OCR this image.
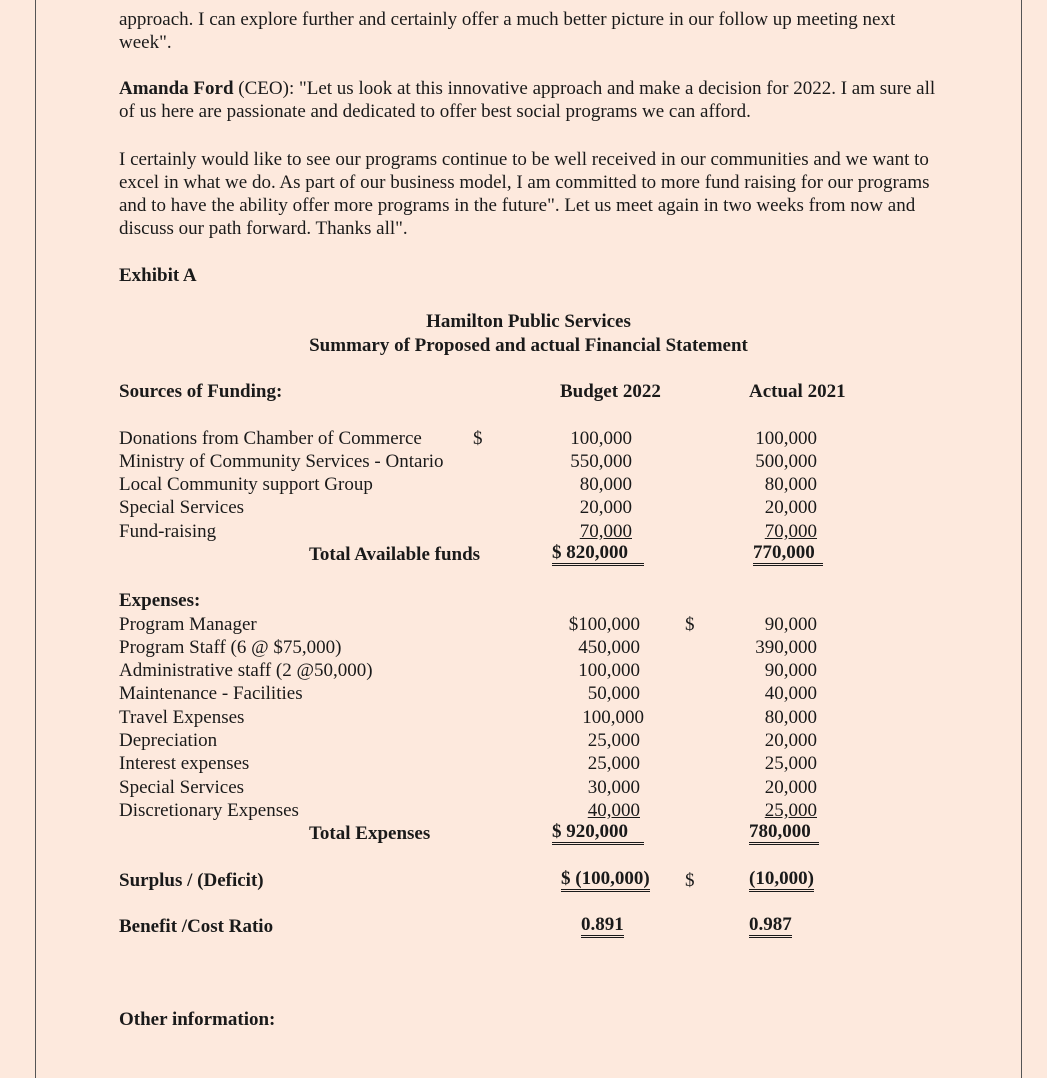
approach. I can explore further and certainly offer a much better picture in our follow up meeting next week".
Amanda Ford (CEO): "Let us look at this innovative approach and make a decision for 2022. I am sure all of us here are passionate and dedicated to offer best social programs we can afford.
I certainly would like to see our programs continue to be well received in our communities and we want to excel in what we do. As part of our business model, I am committed to more fund raising for our programs and to have the ability offer more programs in the future". Let us meet again in two weeks from now and discuss our path forward. Thanks all".
Exhibit A
Hamilton Public Services
Summary of Proposed and actual Financial Statement
Sources of Funding:	Budget 2022	Actual 2021
Donations from Chamber of Commerce	$	100,000	100,000
Ministry of Community Services - Ontario	550,000	500,000
Local Community support Group	80,000	80,000
Special Services	20,000	20,000
Fund-raising	70,000	70,000
Total Available funds	$ 820,000	770,000
Expenses:
Program Manager	$100,000 $	90,000
Program Staff (6 @ $75,000)	450,000	390,000
Administrative staff (2 @50,000)	100,000	90,000
Maintenance - Facilities	50,000	40,000
Travel Expenses	100,000	80,000
Depreciation	25,000	20,000
Interest expenses	25,000	25,000
Special Services	30,000	20,000
Discretionary Expenses	40,000	25,000
Total Expenses	$ 920,000	780,000
Surplus / (Deficit)	$ (100,000) $	(10,000)
Benefit /Cost Ratio	0.891	0.987
Other information:
